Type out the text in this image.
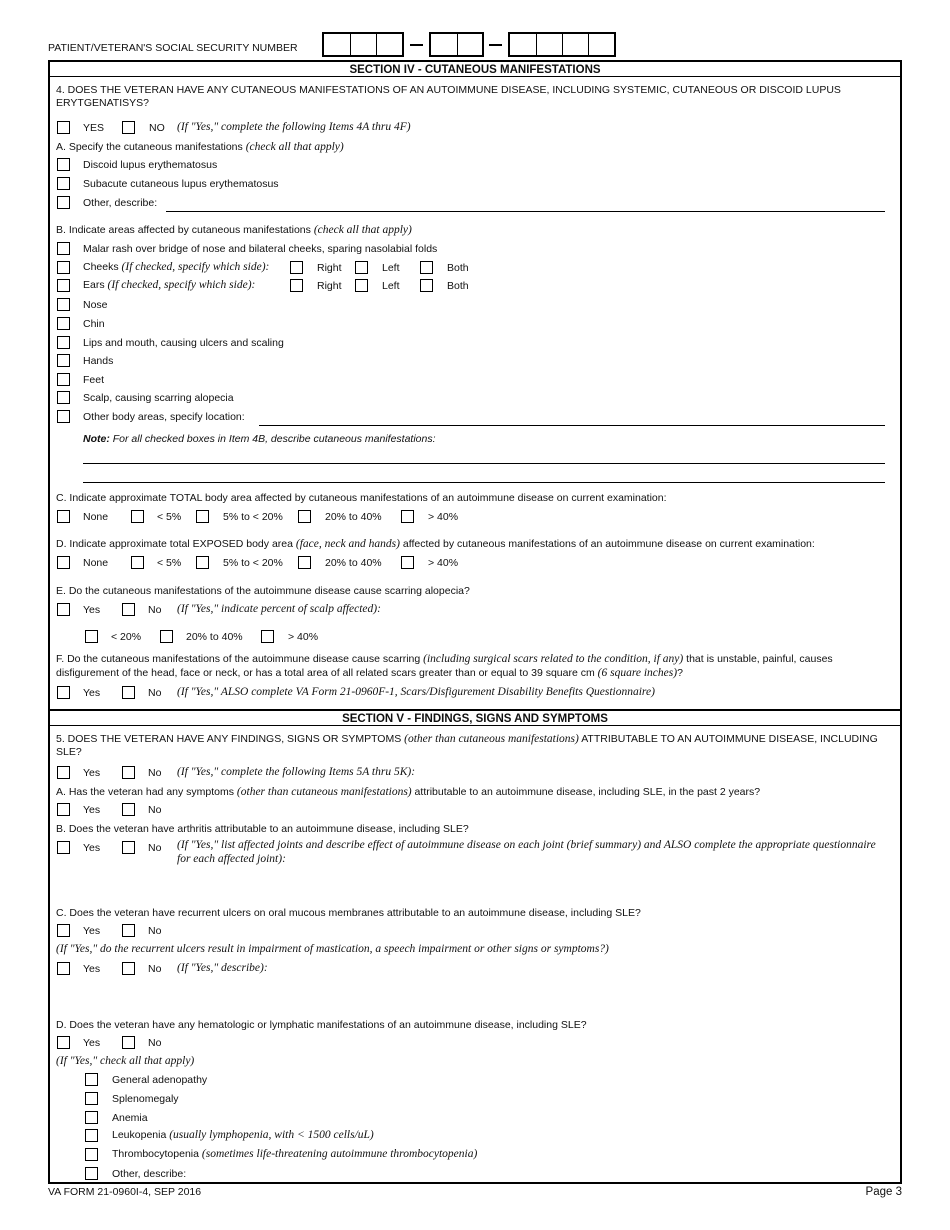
PATIENT/VETERAN'S SOCIAL SECURITY NUMBER
SECTION IV - CUTANEOUS MANIFESTATIONS
4. DOES THE VETERAN HAVE ANY CUTANEOUS MANIFESTATIONS OF AN AUTOIMMUNE DISEASE, INCLUDING SYSTEMIC, CUTANEOUS OR DISCOID LUPUS ERYTGENATISYS?
YES	NO (If "Yes," complete the following Items 4A thru 4F)
A. Specify the cutaneous manifestations (check all that apply)
Discoid lupus erythematosus
Subacute cutaneous lupus erythematosus
Other, describe:
B. Indicate areas affected by cutaneous manifestations (check all that apply)
Malar rash over bridge of nose and bilateral cheeks, sparing nasolabial folds
Cheeks (If checked, specify which side):	Right	Left	Both
Ears (If checked, specify which side):	Right	Left	Both
Nose
Chin
Lips and mouth, causing ulcers and scaling
Hands
Feet
Scalp, causing scarring alopecia
Other body areas, specify location:
Note: For all checked boxes in Item 4B, describe cutaneous manifestations:
C. Indicate approximate TOTAL body area affected by cutaneous manifestations of an autoimmune disease on current examination:
None	< 5%	5% to < 20%	20% to 40%	> 40%
D. Indicate approximate total EXPOSED body area (face, neck and hands) affected by cutaneous manifestations of an autoimmune disease on current examination:
None	< 5%	5% to < 20%	20% to 40%	> 40%
E. Do the cutaneous manifestations of the autoimmune disease cause scarring alopecia?
Yes	No (If "Yes," indicate percent of scalp affected):
< 20%	20% to 40%	> 40%
F. Do the cutaneous manifestations of the autoimmune disease cause scarring (including surgical scars related to the condition, if any) that is unstable, painful, causes disfigurement of the head, face or neck, or has a total area of all related scars greater than or equal to 39 square cm (6 square inches)?
Yes	No (If "Yes," ALSO complete VA Form 21-0960F-1, Scars/Disfigurement Disability Benefits Questionnaire)
SECTION V - FINDINGS, SIGNS AND SYMPTOMS
5. DOES THE VETERAN HAVE ANY FINDINGS, SIGNS OR SYMPTOMS (other than cutaneous manifestations) ATTRIBUTABLE TO AN AUTOIMMUNE DISEASE, INCLUDING SLE?
Yes	No (If "Yes," complete the following Items 5A thru 5K):
A. Has the veteran had any symptoms (other than cutaneous manifestations) attributable to an autoimmune disease, including SLE, in the past 2 years?
Yes	No
B. Does the veteran have arthritis attributable to an autoimmune disease, including SLE?
Yes	No (If "Yes," list affected joints and describe effect of autoimmune disease on each joint (brief summary) and ALSO complete the appropriate questionnaire for each affected joint):
C. Does the veteran have recurrent ulcers on oral mucous membranes attributable to an autoimmune disease, including SLE?
Yes	No
(If "Yes," do the recurrent ulcers result in impairment of mastication, a speech impairment or other signs or symptoms?)
Yes	No (If "Yes," describe):
D. Does the veteran have any hematologic or lymphatic manifestations of an autoimmune disease, including SLE?
Yes	No
(If "Yes," check all that apply)
General adenopathy
Splenomegaly
Anemia
Leukopenia (usually lymphopenia, with < 1500 cells/uL)
Thrombocytopenia (sometimes life-threatening autoimmune thrombocytopenia)
Other, describe:
VA FORM 21-0960I-4, SEP 2016	Page 3
